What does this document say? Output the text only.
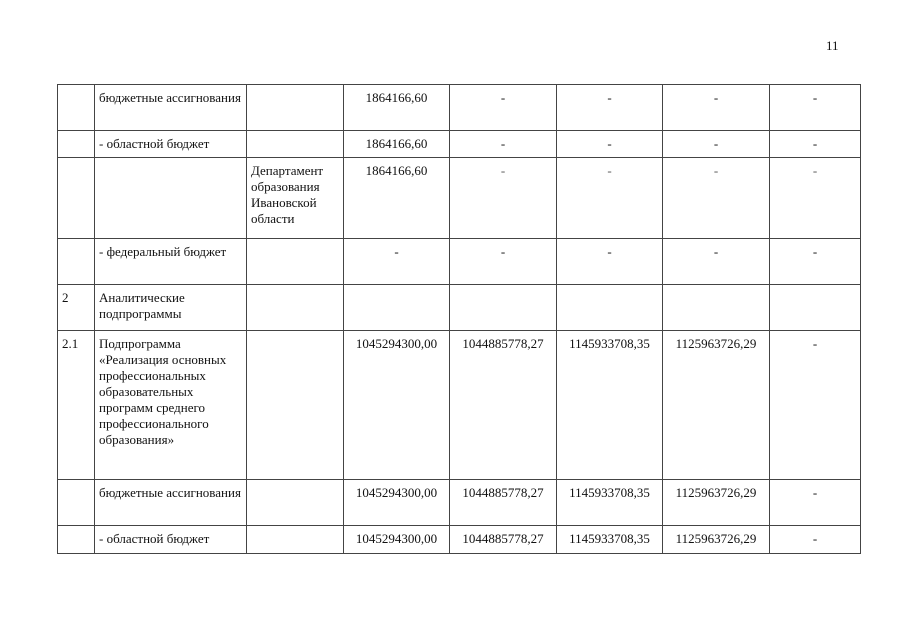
11
	бюджетные ассигнования		1864166,60	-	-	-	-
	- областной бюджет		1864166,60	-	-	-	-
		Департамент образования Ивановской области	1864166,60	-	-	-	-
	- федеральный бюджет		-	-	-	-	-
2	Аналитические подпрограммы						
2.1	Подпрограмма «Реализация основных профессиональных образовательных программ среднего профессионального образования»		1045294300,00	1044885778,27	1145933708,35	1125963726,29	-
	бюджетные ассигнования		1045294300,00	1044885778,27	1145933708,35	1125963726,29	-
	- областной бюджет		1045294300,00	1044885778,27	1145933708,35	1125963726,29	-
